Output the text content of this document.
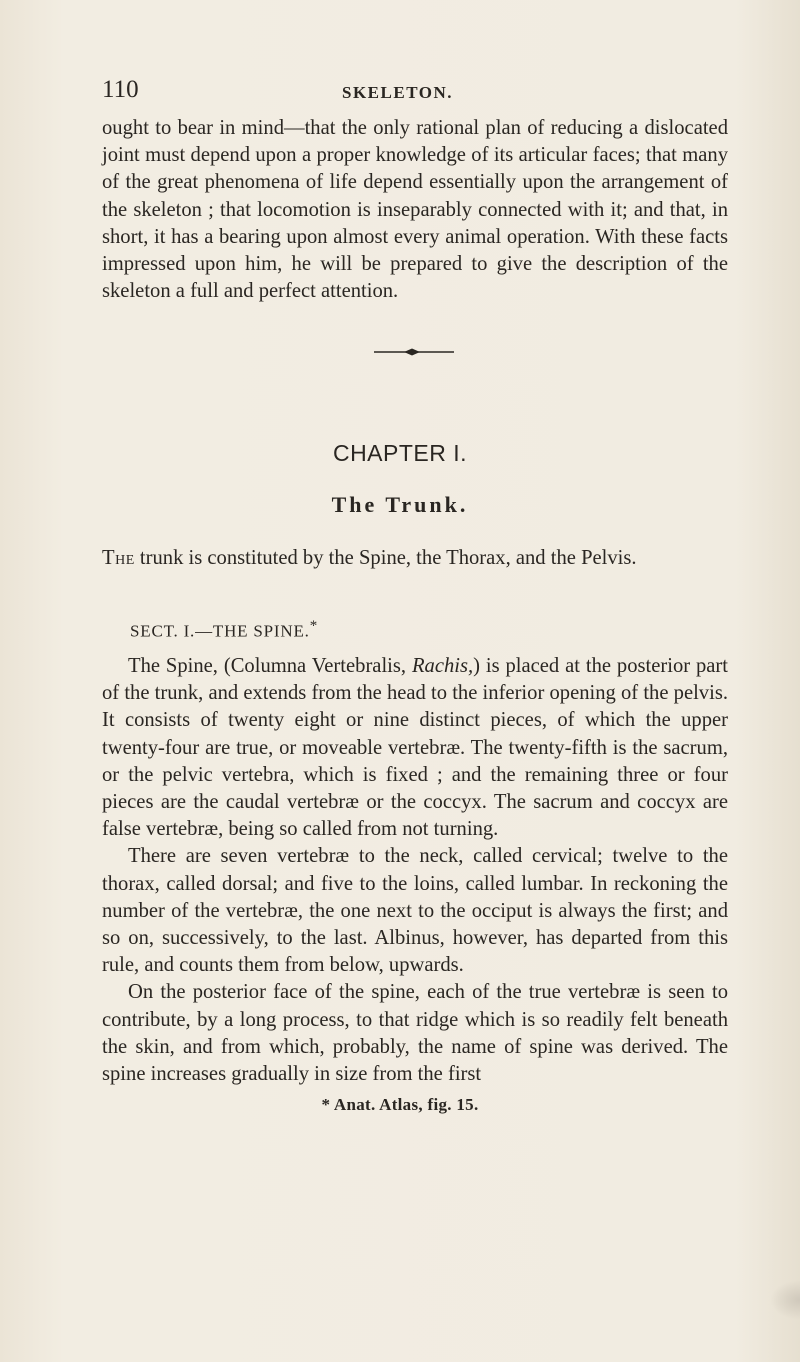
110	SKELETON.
ought to bear in mind—that the only rational plan of reducing a dislocated joint must depend upon a proper knowledge of its articular faces; that many of the great phenomena of life depend essentially upon the arrangement of the skeleton ; that locomotion is inseparably connected with it; and that, in short, it has a bearing upon almost every animal operation. With these facts impressed upon him, he will be prepared to give the description of the skeleton a full and perfect attention.
CHAPTER I.
The Trunk.
The trunk is constituted by the Spine, the Thorax, and the Pelvis.
SECT. I.—THE SPINE.*

The Spine, (Columna Vertebralis, Rachis,) is placed at the posterior part of the trunk, and extends from the head to the inferior opening of the pelvis. It consists of twenty eight or nine distinct pieces, of which the upper twenty-four are true, or moveable vertebræ. The twenty-fifth is the sacrum, or the pelvic vertebra, which is fixed ; and the remaining three or four pieces are the caudal vertebræ or the coccyx. The sacrum and coccyx are false vertebræ, being so called from not turning.

There are seven vertebræ to the neck, called cervical; twelve to the thorax, called dorsal; and five to the loins, called lumbar. In reckoning the number of the vertebræ, the one next to the occiput is always the first; and so on, successively, to the last. Albinus, however, has departed from this rule, and counts them from below, upwards.

On the posterior face of the spine, each of the true vertebræ is seen to contribute, by a long process, to that ridge which is so readily felt beneath the skin, and from which, probably, the name of spine was derived. The spine increases gradually in size from the first

* Anat. Atlas, fig. 15.
